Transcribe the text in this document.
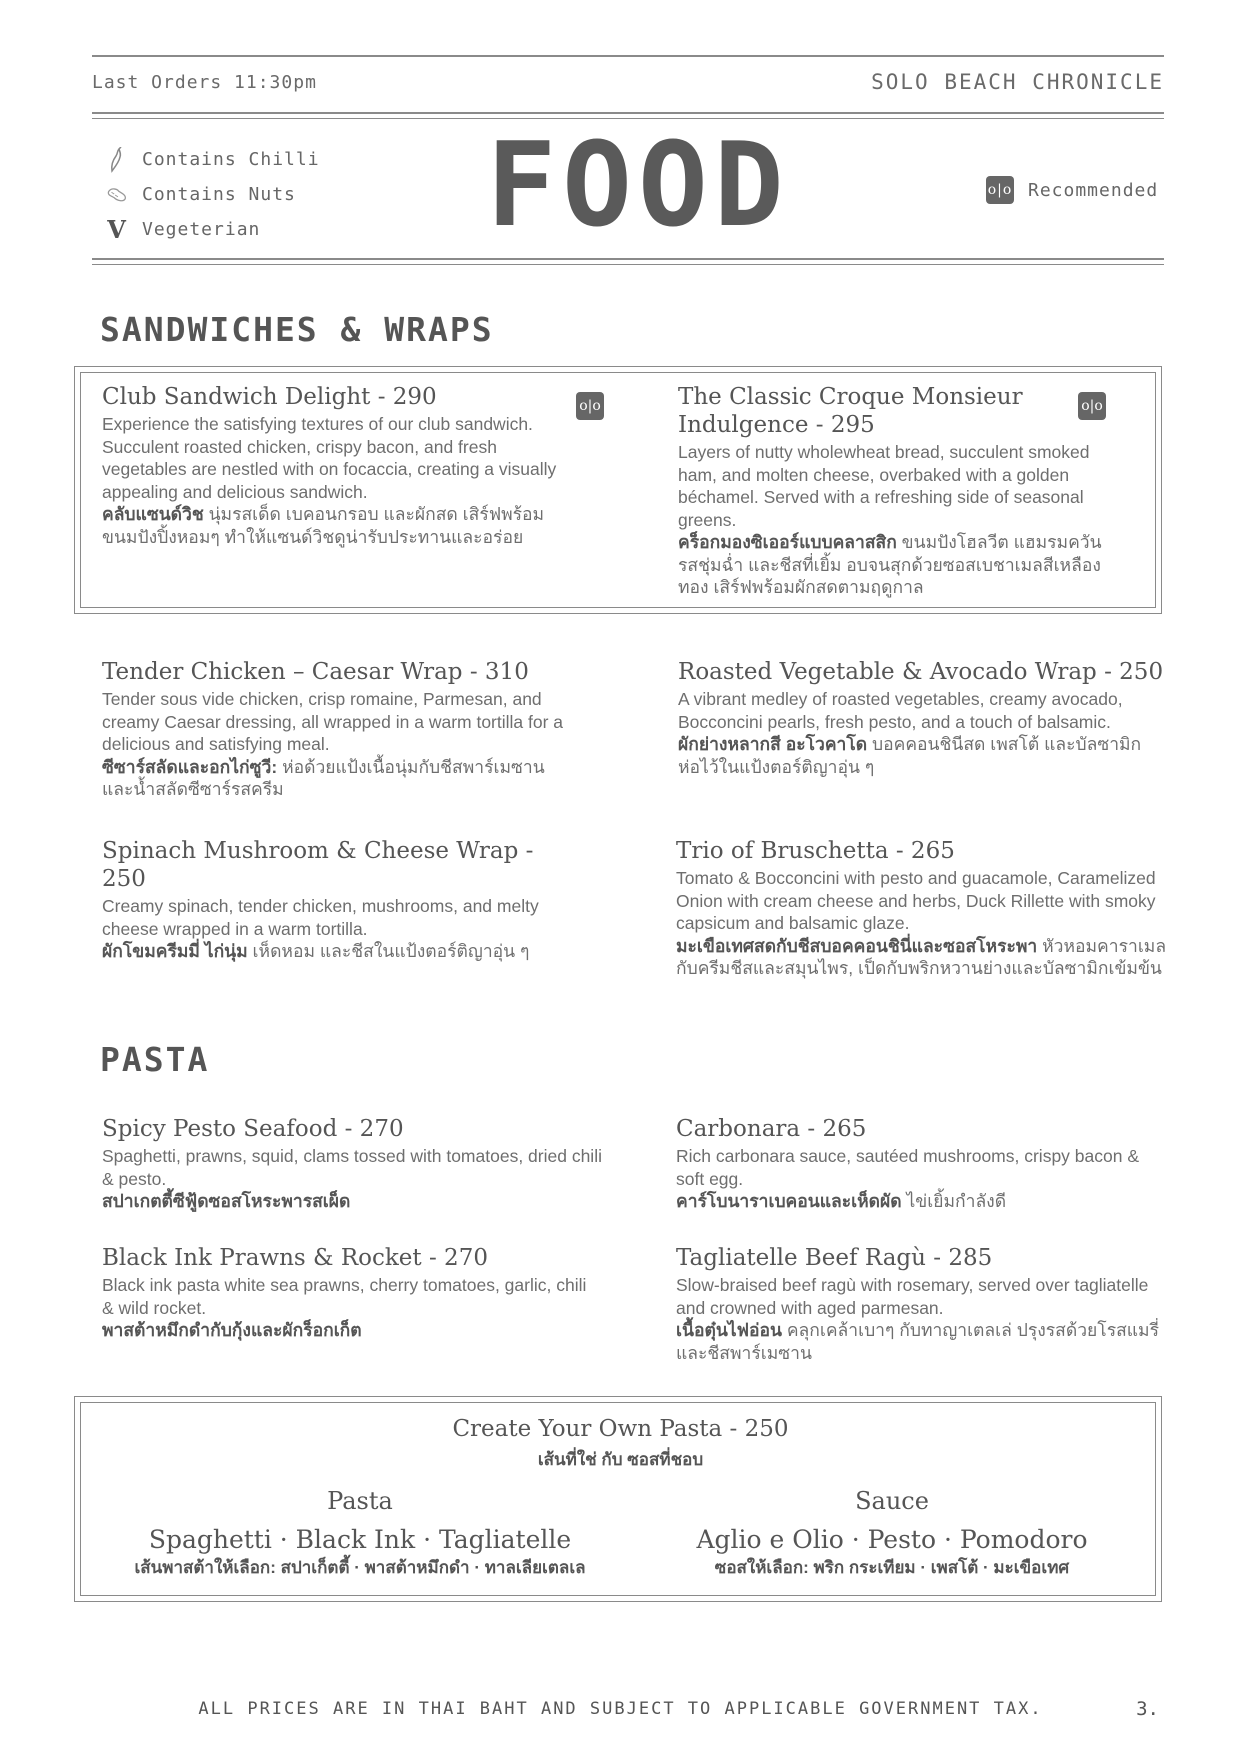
Last Orders 11:30pm	SOLO BEACH CHRONICLE
Contains Chilli
Contains Nuts
V Vegeterian FOOD	o|o Recommended
SANDWICHES & WRAPS
Club Sandwich Delight - 290
Experience the satisfying textures of our club sandwich. Succulent roasted chicken, crispy bacon, and fresh vegetables are nestled with on focaccia, creating a visually appealing and delicious sandwich.
คลับแซนด์วิช นุ่มรสเด็ด เบคอนกรอบ และผักสด เสิร์ฟพร้อมขนมปังปิ้งหอมๆ ทำให้แซนด์วิชดูน่ารับประทานและอร่อย
o|o	The Classic Croque Monsieur Indulgence - 295
Layers of nutty wholewheat bread, succulent smoked ham, and molten cheese, overbaked with a golden béchamel. Served with a refreshing side of seasonal greens.
คร็อกมองซิเออร์แบบคลาสสิก ขนมปังโฮลวีต แฮมรมควัน รสชุ่มฉ่ำ และชีสที่เยิ้ม อบจนสุกด้วยซอสเบชาเมลสีเหลืองทอง เสิร์ฟพร้อมผักสดตามฤดูกาล
o|o
Tender Chicken – Caesar Wrap - 310
Tender sous vide chicken, crisp romaine, Parmesan, and creamy Caesar dressing, all wrapped in a warm tortilla for a delicious and satisfying meal.
ซีซาร์สลัดและอกไก่ซูวี: ห่อด้วยแป้งเนื้อนุ่มกับชีสพาร์เมซานและน้ำสลัดซีซาร์รสครีม
Roasted Vegetable & Avocado Wrap - 250
A vibrant medley of roasted vegetables, creamy avocado, Bocconcini pearls, fresh pesto, and a touch of balsamic.
ผักย่างหลากสี อะโวคาโด บอคคอนชินีสด เพสโต้ และบัลซามิก ห่อไว้ในแป้งตอร์ติญาอุ่น ๆ
Spinach Mushroom & Cheese Wrap - 250
Creamy spinach, tender chicken, mushrooms, and melty cheese wrapped in a warm tortilla.
ผักโขมครีมมี่ ไก่นุ่ม เห็ดหอม และชีสในแป้งตอร์ติญาอุ่น ๆ
Trio of Bruschetta - 265
Tomato & Bocconcini with pesto and guacamole, Caramelized Onion with cream cheese and herbs, Duck Rillette with smoky capsicum and balsamic glaze.
มะเขือเทศสดกับชีสบอคคอนชินี่และซอสโหระพา หัวหอมคาราเมลกับครีมชีสและสมุนไพร, เป็ดกับพริกหวานย่างและบัลซามิกเข้มข้น
PASTA
Spicy Pesto Seafood - 270
Spaghetti, prawns, squid, clams tossed with tomatoes, dried chili & pesto.
สปาเกตตี้ซีฟู้ดซอสโหระพารสเผ็ด
Carbonara - 265
Rich carbonara sauce, sautéed mushrooms, crispy bacon & soft egg.
คาร์โบนาราเบคอนและเห็ดผัด ไข่เยิ้มกำลังดี
Black Ink Prawns & Rocket - 270
Black ink pasta white sea prawns, cherry tomatoes, garlic, chili & wild rocket.
พาสต้าหมึกดำกับกุ้งและผักร็อกเก็ต
Tagliatelle Beef Ragù - 285
Slow-braised beef ragù with rosemary, served over tagliatelle and crowned with aged parmesan.
เนื้อตุ๋นไฟอ่อน คลุกเคล้าเบาๆ กับทาญาเตลเล่ ปรุงรสด้วยโรสแมรี่และชีสพาร์เมซาน
Create Your Own Pasta - 250
เส้นที่ใช่ กับ ซอสที่ชอบ
Pasta
Spaghetti · Black Ink · Tagliatelle
เส้นพาสต้าให้เลือก: สปาเก็ตตี้ · พาสต้าหมึกดำ · ทาลเลียเตลเล
Sauce
Aglio e Olio · Pesto · Pomodoro
ซอสให้เลือก: พริก กระเทียม · เพสโต้ · มะเขือเทศ
ALL PRICES ARE IN THAI BAHT AND SUBJECT TO APPLICABLE GOVERNMENT TAX.	3.
